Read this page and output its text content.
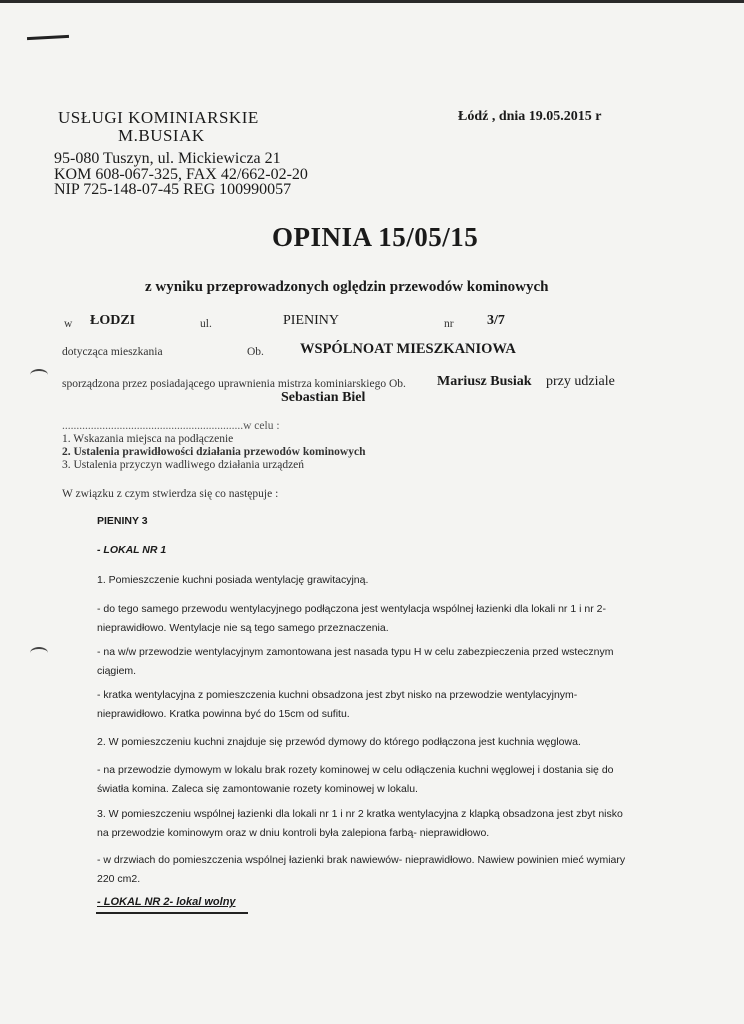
USŁUGI KOMINIARSKIE
M.BUSIAK
95-080 Tuszyn, ul. Mickiewicza 21
KOM 608-067-325, FAX 42/662-02-20
NIP 725-148-07-45 REG 100990057
Łódź , dnia 19.05.2015 r
OPINIA 15/05/15
z wyniku przeprowadzonych oględzin przewodów kominowych
w ŁODZI	ul.	PIENINY	nr 3/7
dotycząca mieszkania	Ob. WSPÓLNOAT MIESZKANIOWA
sporządzona przez posiadającego uprawnienia mistrza kominiarskiego Ob. Mariusz Busiak przy udziale
Sebastian Biel
...............................................................w celu :
1. Wskazania miejsca na podłączenie
2. Ustalenia prawidłowości działania przewodów kominowych
3. Ustalenia przyczyn wadliwego działania urządzeń
W związku z czym stwierdza się co następuje :
PIENINY 3
- LOKAL NR 1
1. Pomieszczenie kuchni posiada wentylację grawitacyjną.
- do tego samego przewodu wentylacyjnego podłączona jest wentylacja wspólnej łazienki dla lokali nr 1 i nr 2- nieprawidłowo. Wentylacje nie są tego samego przeznaczenia.
- na w/w przewodzie wentylacyjnym zamontowana jest nasada typu H w celu zabezpieczenia przed wstecznym ciągiem.
- kratka wentylacyjna z pomieszczenia kuchni obsadzona jest zbyt nisko na przewodzie wentylacyjnym- nieprawidłowo. Kratka powinna być do 15cm od sufitu.
2. W pomieszczeniu kuchni znajduje się przewód dymowy do którego podłączona jest kuchnia węglowa.
- na przewodzie dymowym w lokalu brak rozety kominowej w celu odłączenia kuchni węglowej i dostania się do światła komina. Zaleca się zamontowanie rozety kominowej w lokalu.
3. W pomieszczeniu wspólnej łazienki dla lokali nr 1 i nr 2 kratka wentylacyjna z klapką obsadzona jest zbyt nisko na przewodzie kominowym oraz w dniu kontroli była zalepiona farbą- nieprawidłowo.
- w drzwiach do pomieszczenia wspólnej łazienki brak nawiewów- nieprawidłowo. Nawiew powinien mieć wymiary 220 cm2.
- LOKAL NR 2- lokal wolny
